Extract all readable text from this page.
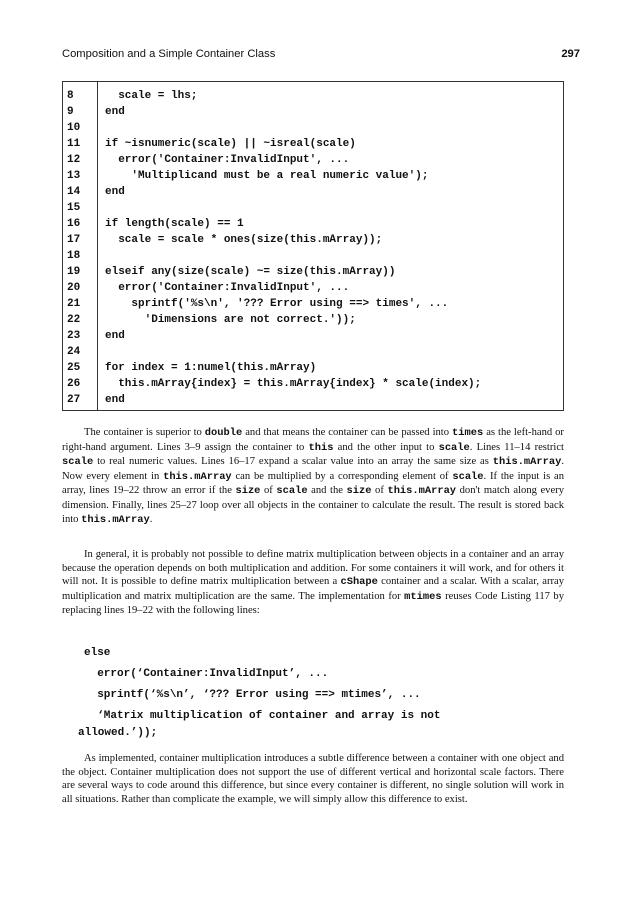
Composition and a Simple Container Class	297
8	scale = lhs;
9	end
10
11	if ~isnumeric(scale) || ~isreal(scale)
12	error('Container:InvalidInput', ...
13	'Multiplicand must be a real numeric value');
14	end
15
16	if length(scale) == 1
17	scale = scale * ones(size(this.mArray));
18
19	elseif any(size(scale) ~= size(this.mArray))
20	error('Container:InvalidInput', ...
21	sprintf('%s\n', '??? Error using ==> times', ...
22	'Dimensions are not correct.'));
23	end
24
25	for index = 1:numel(this.mArray)
26	this.mArray{index} = this.mArray{index} * scale(index);
27	end
The container is superior to double and that means the container can be passed into times as the left-hand or right-hand argument. Lines 3–9 assign the container to this and the other input to scale. Lines 11–14 restrict scale to real numeric values. Lines 16–17 expand a scalar value into an array the same size as this.mArray. Now every element in this.mArray can be multiplied by a corresponding element of scale. If the input is an array, lines 19–22 throw an error if the size of scale and the size of this.mArray don't match along every dimension. Finally, lines 25–27 loop over all objects in the container to calculate the result. The result is stored back into this.mArray.
In general, it is probably not possible to define matrix multiplication between objects in a container and an array because the operation depends on both multiplication and addition. For some containers it will work, and for others it will not. It is possible to define matrix multiplication between a cShape container and a scalar. With a scalar, array multiplication and matrix multiplication are the same. The implementation for mtimes reuses Code Listing 117 by replacing lines 19–22 with the following lines:
else
error(‘Container:InvalidInput’, ...
sprintf(‘%s\n’, ‘??? Error using ==> mtimes’, ...
‘Matrix multiplication of container and array is not
allowed.’));
As implemented, container multiplication introduces a subtle difference between a container with one object and the object. Container multiplication does not support the use of different vertical and horizontal scale factors. There are several ways to code around this difference, but since every container is different, no single solution will work in all situations. Rather than complicate the example, we will simply allow this difference to exist.
